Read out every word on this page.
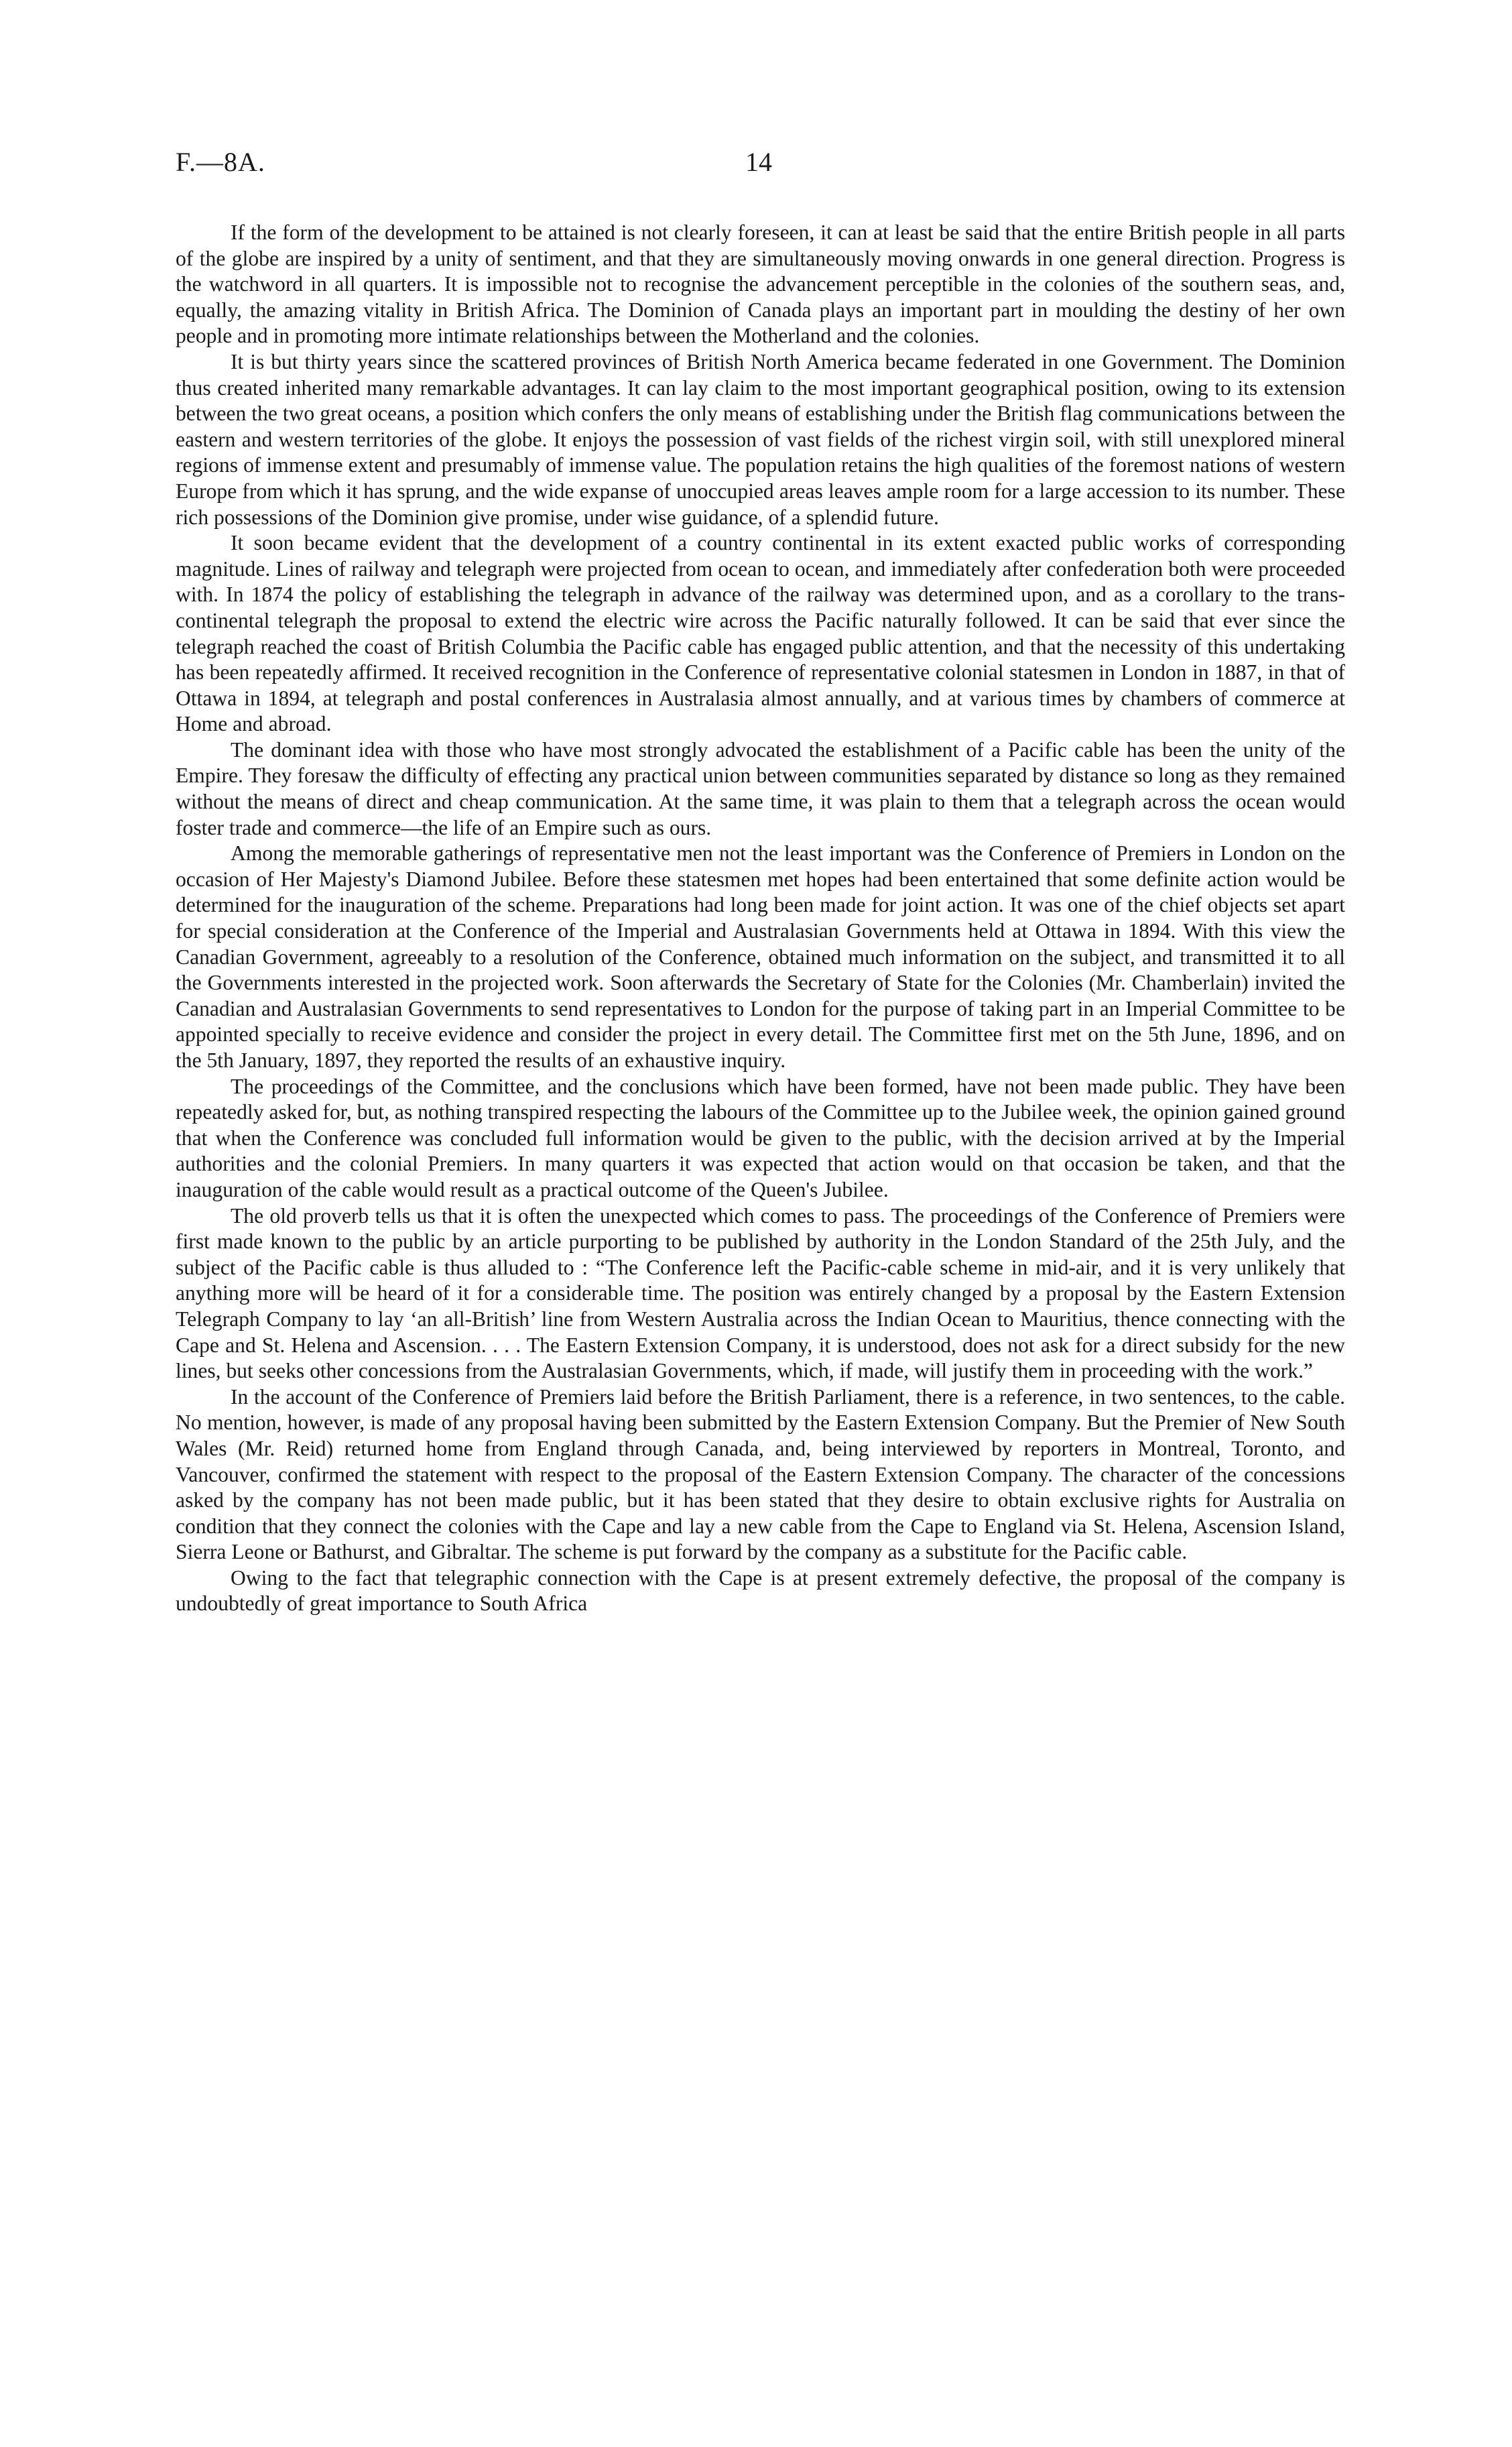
F.—8A.	14

If the form of the development to be attained is not clearly foreseen, it can at least be said that the entire British people in all parts of the globe are inspired by a unity of sentiment, and that they are simultaneously moving onwards in one general direction. Progress is the watchword in all quarters. It is impossible not to recognise the advancement perceptible in the colonies of the southern seas, and, equally, the amazing vitality in British Africa. The Dominion of Canada plays an important part in moulding the destiny of her own people and in promoting more intimate relationships between the Motherland and the colonies.

It is but thirty years since the scattered provinces of British North America became federated in one Government. The Dominion thus created inherited many remarkable advantages. It can lay claim to the most important geographical position, owing to its extension between the two great oceans, a position which confers the only means of establishing under the British flag communications between the eastern and western territories of the globe. It enjoys the possession of vast fields of the richest virgin soil, with still unexplored mineral regions of immense extent and presumably of immense value. The population retains the high qualities of the foremost nations of western Europe from which it has sprung, and the wide expanse of unoccupied areas leaves ample room for a large accession to its number. These rich possessions of the Dominion give promise, under wise guidance, of a splendid future.

It soon became evident that the development of a country continental in its extent exacted public works of corresponding magnitude. Lines of railway and telegraph were projected from ocean to ocean, and immediately after confederation both were proceeded with. In 1874 the policy of establishing the telegraph in advance of the railway was determined upon, and as a corollary to the trans-continental telegraph the proposal to extend the electric wire across the Pacific naturally followed. It can be said that ever since the telegraph reached the coast of British Columbia the Pacific cable has engaged public attention, and that the necessity of this undertaking has been repeatedly affirmed. It received recognition in the Conference of representative colonial statesmen in London in 1887, in that of Ottawa in 1894, at telegraph and postal conferences in Australasia almost annually, and at various times by chambers of commerce at Home and abroad.

The dominant idea with those who have most strongly advocated the establishment of a Pacific cable has been the unity of the Empire. They foresaw the difficulty of effecting any practical union between communities separated by distance so long as they remained without the means of direct and cheap communication. At the same time, it was plain to them that a telegraph across the ocean would foster trade and commerce—the life of an Empire such as ours.

Among the memorable gatherings of representative men not the least important was the Conference of Premiers in London on the occasion of Her Majesty's Diamond Jubilee. Before these statesmen met hopes had been entertained that some definite action would be determined for the inauguration of the scheme. Preparations had long been made for joint action. It was one of the chief objects set apart for special consideration at the Conference of the Imperial and Australasian Governments held at Ottawa in 1894. With this view the Canadian Government, agreeably to a resolution of the Conference, obtained much information on the subject, and transmitted it to all the Governments interested in the projected work. Soon afterwards the Secretary of State for the Colonies (Mr. Chamberlain) invited the Canadian and Australasian Governments to send representatives to London for the purpose of taking part in an Imperial Committee to be appointed specially to receive evidence and consider the project in every detail. The Committee first met on the 5th June, 1896, and on the 5th January, 1897, they reported the results of an exhaustive inquiry.

The proceedings of the Committee, and the conclusions which have been formed, have not been made public. They have been repeatedly asked for, but, as nothing transpired respecting the labours of the Committee up to the Jubilee week, the opinion gained ground that when the Conference was concluded full information would be given to the public, with the decision arrived at by the Imperial authorities and the colonial Premiers. In many quarters it was expected that action would on that occasion be taken, and that the inauguration of the cable would result as a practical outcome of the Queen's Jubilee.

The old proverb tells us that it is often the unexpected which comes to pass. The proceedings of the Conference of Premiers were first made known to the public by an article purporting to be published by authority in the London Standard of the 25th July, and the subject of the Pacific cable is thus alluded to : “The Conference left the Pacific-cable scheme in mid-air, and it is very unlikely that anything more will be heard of it for a considerable time. The position was entirely changed by a proposal by the Eastern Extension Telegraph Company to lay ‘an all-British’ line from Western Australia across the Indian Ocean to Mauritius, thence connecting with the Cape and St. Helena and Ascension. . . . The Eastern Extension Company, it is understood, does not ask for a direct subsidy for the new lines, but seeks other concessions from the Australasian Governments, which, if made, will justify them in proceeding with the work.”

In the account of the Conference of Premiers laid before the British Parliament, there is a reference, in two sentences, to the cable. No mention, however, is made of any proposal having been submitted by the Eastern Extension Company. But the Premier of New South Wales (Mr. Reid) returned home from England through Canada, and, being interviewed by reporters in Montreal, Toronto, and Vancouver, confirmed the statement with respect to the proposal of the Eastern Extension Company. The character of the concessions asked by the company has not been made public, but it has been stated that they desire to obtain exclusive rights for Australia on condition that they connect the colonies with the Cape and lay a new cable from the Cape to England via St. Helena, Ascension Island, Sierra Leone or Bathurst, and Gibraltar. The scheme is put forward by the company as a substitute for the Pacific cable.

Owing to the fact that telegraphic connection with the Cape is at present extremely defective, the proposal of the company is undoubtedly of great importance to South Africa
